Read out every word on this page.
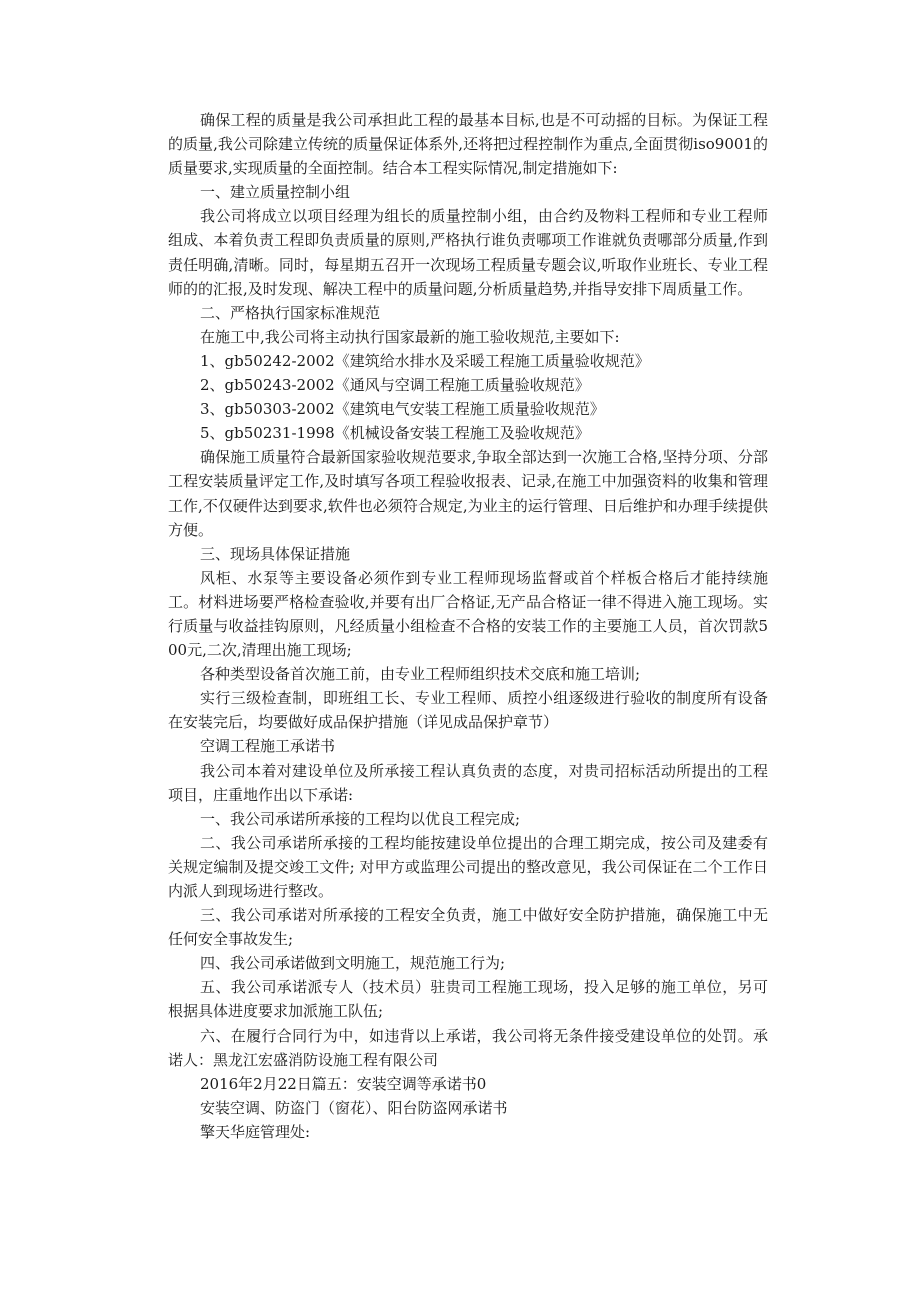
确保工程的质量是我公司承担此工程的最基本目标,也是不可动摇的目标。为保证工程的质量,我公司除建立传统的质量保证体系外,还将把过程控制作为重点,全面贯彻iso9001的质量要求,实现质量的全面控制。结合本工程实际情况,制定措施如下:

一、建立质量控制小组

我公司将成立以项目经理为组长的质量控制小组，由合约及物料工程师和专业工程师组成、本着负责工程即负责质量的原则,严格执行谁负责哪项工作谁就负责哪部分质量,作到责任明确,清晰。同时，每星期五召开一次现场工程质量专题会议,听取作业班长、专业工程师的的汇报,及时发现、解决工程中的质量问题,分析质量趋势,并指导安排下周质量工作。

二、严格执行国家标准规范

在施工中,我公司将主动执行国家最新的施工验收规范,主要如下:

1、gb50242-2002《建筑给水排水及采暖工程施工质量验收规范》

2、gb50243-2002《通风与空调工程施工质量验收规范》

3、gb50303-2002《建筑电气安装工程施工质量验收规范》

5、gb50231-1998《机械设备安装工程施工及验收规范》

确保施工质量符合最新国家验收规范要求,争取全部达到一次施工合格,坚持分项、分部工程安装质量评定工作,及时填写各项工程验收报表、记录,在施工中加强资料的收集和管理工作,不仅硬件达到要求,软件也必须符合规定,为业主的运行管理、日后维护和办理手续提供方便。

三、现场具体保证措施

风柜、水泵等主要设备必须作到专业工程师现场监督或首个样板合格后才能持续施工。材料进场要严格检查验收,并要有出厂合格证,无产品合格证一律不得进入施工现场。实行质量与收益挂钩原则，凡经质量小组检查不合格的安装工作的主要施工人员，首次罚款500元,二次,清理出施工现场;

各种类型设备首次施工前，由专业工程师组织技术交底和施工培训;

实行三级检查制，即班组工长、专业工程师、质控小组逐级进行验收的制度所有设备在安装完后，均要做好成品保护措施（详见成品保护章节）

空调工程施工承诺书

我公司本着对建设单位及所承接工程认真负责的态度，对贵司招标活动所提出的工程项目，庄重地作出以下承诺:

一、我公司承诺所承接的工程均以优良工程完成;

二、我公司承诺所承接的工程均能按建设单位提出的合理工期完成，按公司及建委有关规定编制及提交竣工文件; 对甲方或监理公司提出的整改意见，我公司保证在二个工作日内派人到现场进行整改。

三、我公司承诺对所承接的工程安全负责，施工中做好安全防护措施，确保施工中无任何安全事故发生;

四、我公司承诺做到文明施工，规范施工行为;

五、我公司承诺派专人（技术员）驻贵司工程施工现场，投入足够的施工单位，另可根据具体进度要求加派施工队伍;

六、在履行合同行为中，如违背以上承诺，我公司将无条件接受建设单位的处罚。承诺人：黑龙江宏盛消防设施工程有限公司

2016年2月22日篇五：安装空调等承诺书0

安装空调、防盗门（窗花）、阳台防盗网承诺书

擎天华庭管理处:
